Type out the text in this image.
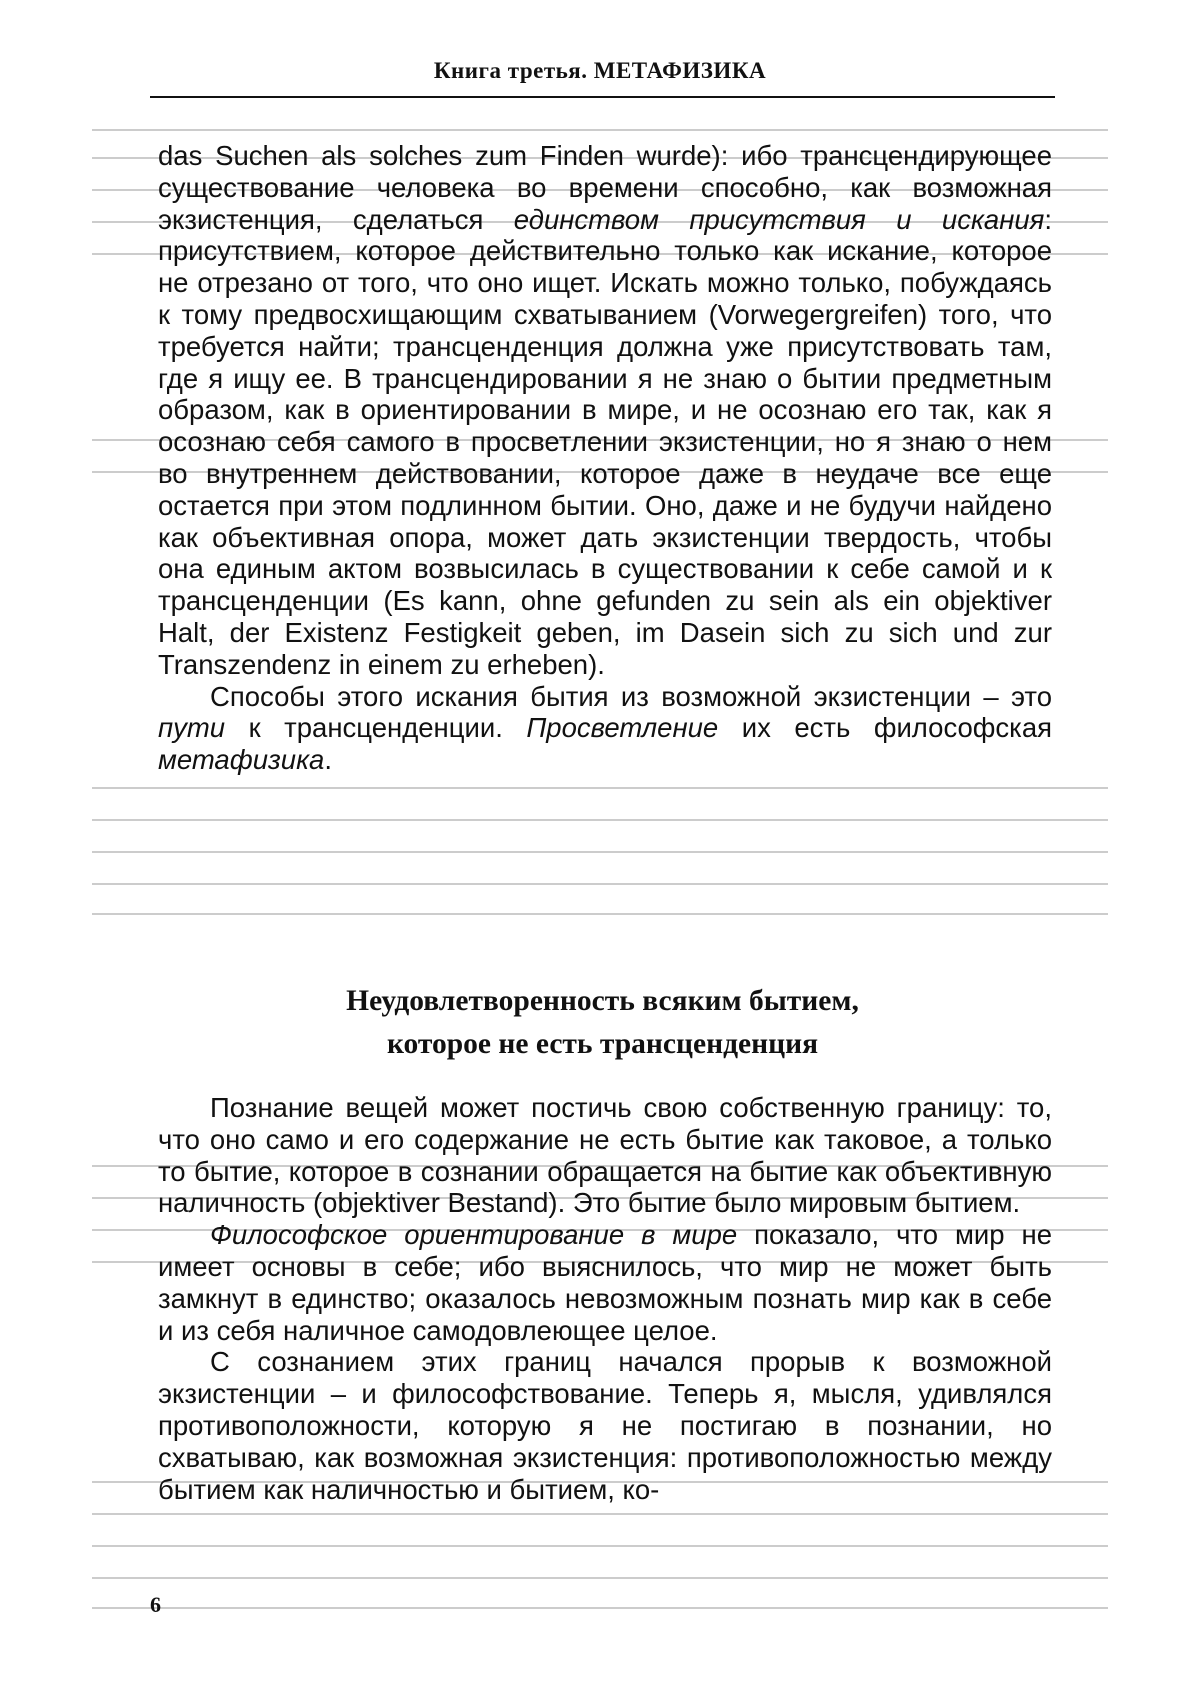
Книга третья. МЕТАФИЗИКА

das Suchen als solches zum Finden wurde): ибо трансцендирующее существование человека во времени способно, как возможная экзистенция, сделаться единством присутствия и искания: присутствием, которое действительно только как искание, которое не отрезано от того, что оно ищет. Искать можно только, побуждаясь к тому предвосхищающим схватыванием (Vorwegergreifen) того, что требуется найти; трансценденция должна уже присутствовать там, где я ищу ее. В трансцендировании я не знаю о бытии предметным образом, как в ориентировании в мире, и не осознаю его так, как я осознаю себя самого в просветлении экзистенции, но я знаю о нем во внутреннем действовании, которое даже в неудаче все еще остается при этом подлинном бытии. Оно, даже и не будучи найдено как объективная опора, может дать экзистенции твердость, чтобы она единым актом возвысилась в существовании к себе самой и к трансценденции (Es kann, ohne gefunden zu sein als ein objektiver Halt, der Existenz Festigkeit geben, im Dasein sich zu sich und zur Transzendenz in einem zu erheben).

Способы этого искания бытия из возможной экзистенции – это пути к трансценденции. Просветление их есть философская метафизика.

Неудовлетворенность всяким бытием,
которое не есть трансценденция

Познание вещей может постичь свою собственную границу: то, что оно само и его содержание не есть бытие как таковое, а только то бытие, которое в сознании обращается на бытие как объективную наличность (objektiver Bestand). Это бытие было мировым бытием.

Философское ориентирование в мире показало, что мир не имеет основы в себе; ибо выяснилось, что мир не может быть замкнут в единство; оказалось невозможным познать мир как в себе и из себя наличное самодовлеющее целое.

С сознанием этих границ начался прорыв к возможной экзистенции – и философствование. Теперь я, мысля, удивлялся противоположности, которую я не постигаю в познании, но схватываю, как возможная экзистенция: противоположностью между бытием как наличностью и бытием, ко-

6
